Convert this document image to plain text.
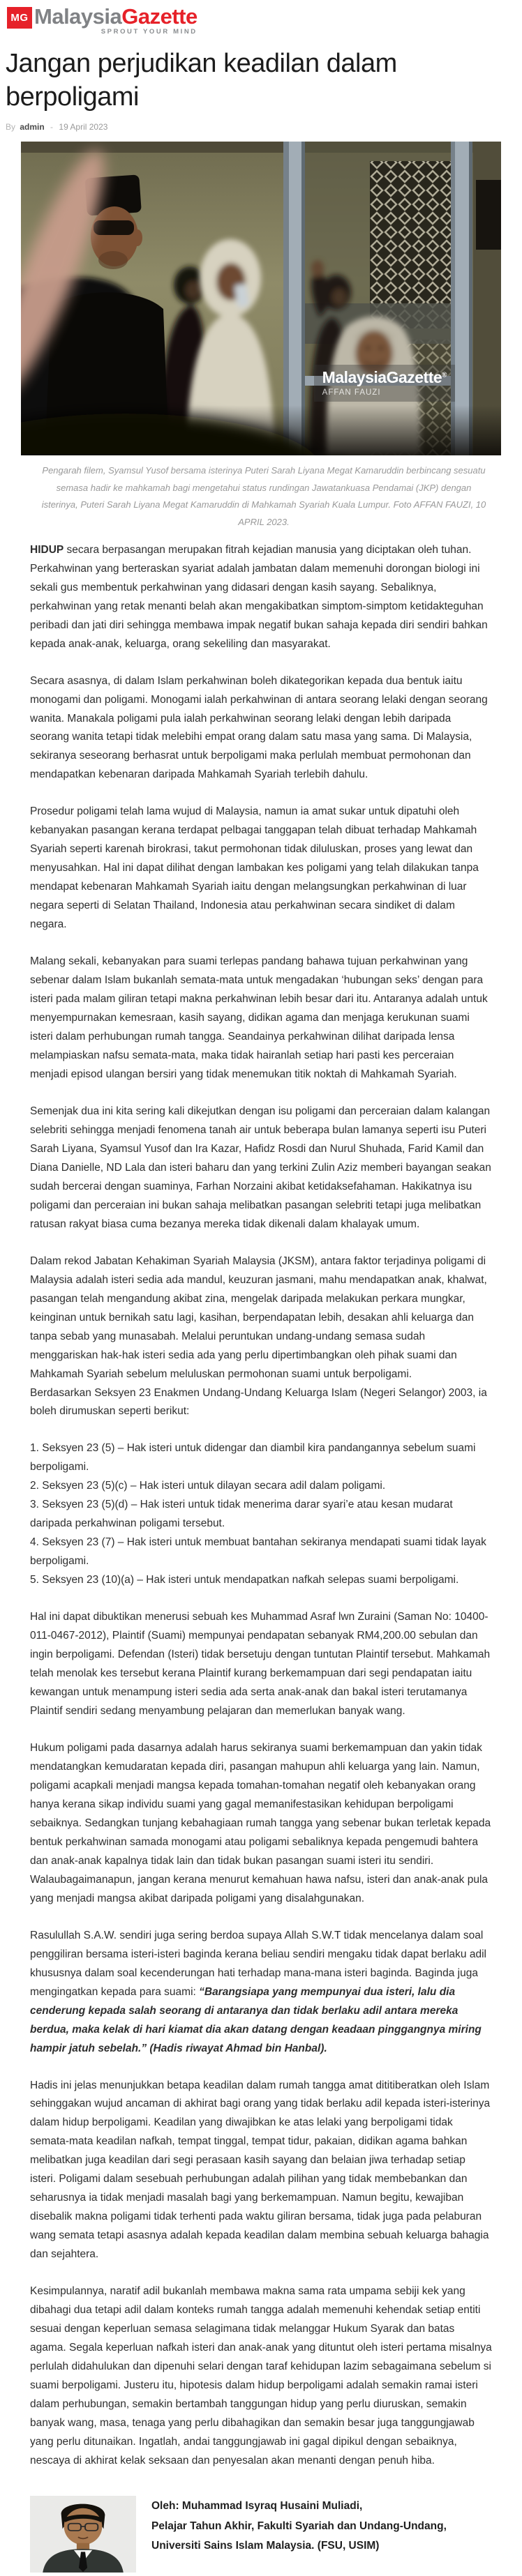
MG MalaysiaGazette
SPROUT YOUR MIND
Jangan perjudikan keadilan dalam berpoligami
By admin - 19 April 2023
MalaysiaGazette®
AFFAN FAUZI
Pengarah filem, Syamsul Yusof bersama isterinya Puteri Sarah Liyana Megat Kamaruddin berbincang sesuatu semasa hadir ke mahkamah bagi mengetahui status rundingan Jawatankuasa Pendamai (JKP) dengan isterinya, Puteri Sarah Liyana Megat Kamaruddin di Mahkamah Syariah Kuala Lumpur. Foto AFFAN FAUZI, 10 APRIL 2023.

HIDUP secara berpasangan merupakan fitrah kejadian manusia yang diciptakan oleh tuhan. Perkahwinan yang berteraskan syariat adalah jambatan dalam memenuhi dorongan biologi ini sekali gus membentuk perkahwinan yang didasari dengan kasih sayang. Sebaliknya, perkahwinan yang retak menanti belah akan mengakibatkan simptom-simptom ketidakteguhan peribadi dan jati diri sehingga membawa impak negatif bukan sahaja kepada diri sendiri bahkan kepada anak-anak, keluarga, orang sekeliling dan masyarakat.

Secara asasnya, di dalam Islam perkahwinan boleh dikategorikan kepada dua bentuk iaitu monogami dan poligami. Monogami ialah perkahwinan di antara seorang lelaki dengan seorang wanita. Manakala poligami pula ialah perkahwinan seorang lelaki dengan lebih daripada seorang wanita tetapi tidak melebihi empat orang dalam satu masa yang sama. Di Malaysia, sekiranya seseorang berhasrat untuk berpoligami maka perlulah membuat permohonan dan mendapatkan kebenaran daripada Mahkamah Syariah terlebih dahulu.

Prosedur poligami telah lama wujud di Malaysia, namun ia amat sukar untuk dipatuhi oleh kebanyakan pasangan kerana terdapat pelbagai tanggapan telah dibuat terhadap Mahkamah Syariah seperti karenah birokrasi, takut permohonan tidak diluluskan, proses yang lewat dan menyusahkan. Hal ini dapat dilihat dengan lambakan kes poligami yang telah dilakukan tanpa mendapat kebenaran Mahkamah Syariah iaitu dengan melangsungkan perkahwinan di luar negara seperti di Selatan Thailand, Indonesia atau perkahwinan secara sindiket di dalam negara.

Malang sekali, kebanyakan para suami terlepas pandang bahawa tujuan perkahwinan yang sebenar dalam Islam bukanlah semata-mata untuk mengadakan ‘hubungan seks’ dengan para isteri pada malam giliran tetapi makna perkahwinan lebih besar dari itu. Antaranya adalah untuk menyempurnakan kemesraan, kasih sayang, didikan agama dan menjaga kerukunan suami isteri dalam perhubungan rumah tangga. Seandainya perkahwinan dilihat daripada lensa melampiaskan nafsu semata-mata, maka tidak hairanlah setiap hari pasti kes perceraian menjadi episod ulangan bersiri yang tidak menemukan titik noktah di Mahkamah Syariah.

Semenjak dua ini kita sering kali dikejutkan dengan isu poligami dan perceraian dalam kalangan selebriti sehingga menjadi fenomena tanah air untuk beberapa bulan lamanya seperti isu Puteri Sarah Liyana, Syamsul Yusof dan Ira Kazar, Hafidz Rosdi dan Nurul Shuhada, Farid Kamil dan Diana Danielle, ND Lala dan isteri baharu dan yang terkini Zulin Aziz memberi bayangan seakan sudah bercerai dengan suaminya, Farhan Norzaini akibat ketidaksefahaman. Hakikatnya isu poligami dan perceraian ini bukan sahaja melibatkan pasangan selebriti tetapi juga melibatkan ratusan rakyat biasa cuma bezanya mereka tidak dikenali dalam khalayak umum.

Dalam rekod Jabatan Kehakiman Syariah Malaysia (JKSM), antara faktor terjadinya poligami di Malaysia adalah isteri sedia ada mandul, keuzuran jasmani, mahu mendapatkan anak, khalwat, pasangan telah mengandung akibat zina, mengelak daripada melakukan perkara mungkar, keinginan untuk bernikah satu lagi, kasihan, berpendapatan lebih, desakan ahli keluarga dan tanpa sebab yang munasabah. Melalui peruntukan undang-undang semasa sudah menggariskan hak-hak isteri sedia ada yang perlu dipertimbangkan oleh pihak suami dan Mahkamah Syariah sebelum meluluskan permohonan suami untuk berpoligami.

Berdasarkan Seksyen 23 Enakmen Undang-Undang Keluarga Islam (Negeri Selangor) 2003, ia boleh dirumuskan seperti berikut:

1. Seksyen 23 (5) – Hak isteri untuk didengar dan diambil kira pandangannya sebelum suami berpoligami.

2. Seksyen 23 (5)(c) – Hak isteri untuk dilayan secara adil dalam poligami.

3. Seksyen 23 (5)(d) – Hak isteri untuk tidak menerima darar syari’e atau kesan mudarat daripada perkahwinan poligami tersebut.

4. Seksyen 23 (7) – Hak isteri untuk membuat bantahan sekiranya mendapati suami tidak layak berpoligami.

5. Seksyen 23 (10)(a) – Hak isteri untuk mendapatkan nafkah selepas suami berpoligami.

Hal ini dapat dibuktikan menerusi sebuah kes Muhammad Asraf lwn Zuraini (Saman No: 10400-011-0467-2012), Plaintif (Suami) mempunyai pendapatan sebanyak RM4,200.00 sebulan dan ingin berpoligami. Defendan (Isteri) tidak bersetuju dengan tuntutan Plaintif tersebut. Mahkamah telah menolak kes tersebut kerana Plaintif kurang berkemampuan dari segi pendapatan iaitu kewangan untuk menampung isteri sedia ada serta anak-anak dan bakal isteri terutamanya Plaintif sendiri sedang menyambung pelajaran dan memerlukan banyak wang.

Hukum poligami pada dasarnya adalah harus sekiranya suami berkemampuan dan yakin tidak mendatangkan kemudaratan kepada diri, pasangan mahupun ahli keluarga yang lain. Namun, poligami acapkali menjadi mangsa kepada tomahan-tomahan negatif oleh kebanyakan orang hanya kerana sikap individu suami yang gagal memanifestasikan kehidupan berpoligami sebaiknya. Sedangkan tunjang kebahagiaan rumah tangga yang sebenar bukan terletak kepada bentuk perkahwinan samada monogami atau poligami sebaliknya kepada pengemudi bahtera dan anak-anak kapalnya tidak lain dan tidak bukan pasangan suami isteri itu sendiri. Walaubagaimanapun, jangan kerana menurut kemahuan hawa nafsu, isteri dan anak-anak pula yang menjadi mangsa akibat daripada poligami yang disalahgunakan.

Rasulullah S.A.W. sendiri juga sering berdoa supaya Allah S.W.T tidak mencelanya dalam soal penggiliran bersama isteri-isteri baginda kerana beliau sendiri mengaku tidak dapat berlaku adil khususnya dalam soal kecenderungan hati terhadap mana-mana isteri baginda. Baginda juga mengingatkan kepada para suami: “Barangsiapa yang mempunyai dua isteri, lalu dia cenderung kepada salah seorang di antaranya dan tidak berlaku adil antara mereka berdua, maka kelak di hari kiamat dia akan datang dengan keadaan pinggangnya miring hampir jatuh sebelah.” (Hadis riwayat Ahmad bin Hanbal).

Hadis ini jelas menunjukkan betapa keadilan dalam rumah tangga amat dititiberatkan oleh Islam sehinggakan wujud ancaman di akhirat bagi orang yang tidak berlaku adil kepada isteri-isterinya dalam hidup berpoligami. Keadilan yang diwajibkan ke atas lelaki yang berpoligami tidak semata-mata keadilan nafkah, tempat tinggal, tempat tidur, pakaian, didikan agama bahkan melibatkan juga keadilan dari segi perasaan kasih sayang dan belaian jiwa terhadap setiap isteri. Poligami dalam sesebuah perhubungan adalah pilihan yang tidak membebankan dan seharusnya ia tidak menjadi masalah bagi yang berkemampuan. Namun begitu, kewajiban disebalik makna poligami tidak terhenti pada waktu giliran bersama, tidak juga pada pelaburan wang semata tetapi asasnya adalah kepada keadilan dalam membina sebuah keluarga bahagia dan sejahtera.

Kesimpulannya, naratif adil bukanlah membawa makna sama rata umpama sebiji kek yang dibahagi dua tetapi adil dalam konteks rumah tangga adalah memenuhi kehendak setiap entiti sesuai dengan keperluan semasa selagimana tidak melanggar Hukum Syarak dan batas agama. Segala keperluan nafkah isteri dan anak-anak yang dituntut oleh isteri pertama misalnya perlulah didahulukan dan dipenuhi selari dengan taraf kehidupan lazim sebagaimana sebelum si suami berpoligami. Justeru itu, hipotesis dalam hidup berpoligami adalah semakin ramai isteri dalam perhubungan, semakin bertambah tanggungan hidup yang perlu diuruskan, semakin banyak wang, masa, tenaga yang perlu dibahagikan dan semakin besar juga tanggungjawab yang perlu ditunaikan. Ingatlah, andai tanggungjawab ini gagal dipikul dengan sebaiknya, nescaya di akhirat kelak seksaan dan penyesalan akan menanti dengan penuh hiba.

Oleh: Muhammad Isyraq Husaini Muliadi,

Pelajar Tahun Akhir, Fakulti Syariah dan Undang-Undang,

Universiti Sains Islam Malaysia. (FSU, USIM)
